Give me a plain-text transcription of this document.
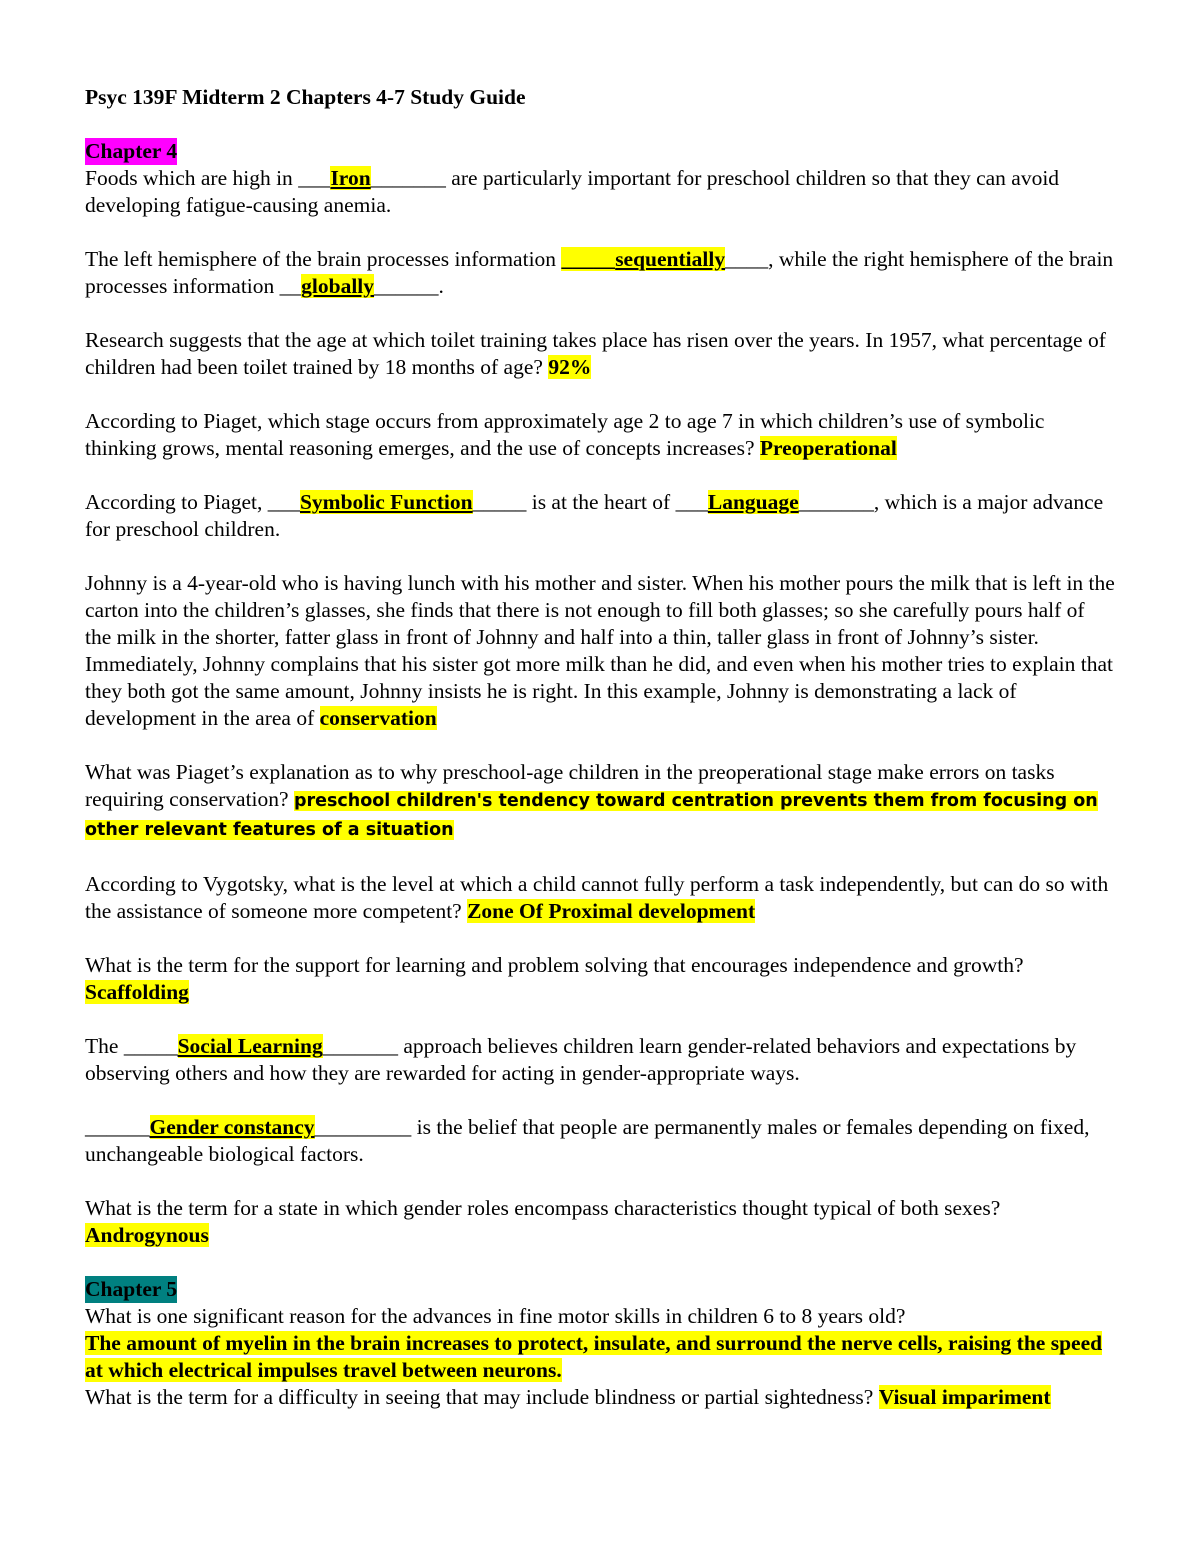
Psyc 139F Midterm 2 Chapters 4-7 Study Guide

Chapter 4

Foods which are high in ___Iron_______ are particularly important for preschool children so that they can avoid developing fatigue-causing anemia.

The left hemisphere of the brain processes information _____sequentially____, while the right hemisphere of the brain processes information __globally______.

Research suggests that the age at which toilet training takes place has risen over the years. In 1957, what percentage of children had been toilet trained by 18 months of age? 92%

According to Piaget, which stage occurs from approximately age 2 to age 7 in which children’s use of symbolic thinking grows, mental reasoning emerges, and the use of concepts increases? Preoperational

According to Piaget, ___Symbolic Function_____ is at the heart of ___Language_______, which is a major advance for preschool children.

Johnny is a 4-year-old who is having lunch with his mother and sister. When his mother pours the milk that is left in the carton into the children’s glasses, she finds that there is not enough to fill both glasses; so she carefully pours half of the milk in the shorter, fatter glass in front of Johnny and half into a thin, taller glass in front of Johnny’s sister. Immediately, Johnny complains that his sister got more milk than he did, and even when his mother tries to explain that they both got the same amount, Johnny insists he is right. In this example, Johnny is demonstrating a lack of development in the area of conservation

What was Piaget’s explanation as to why preschool-age children in the preoperational stage make errors on tasks requiring conservation? preschool children's tendency toward centration prevents them from focusing on other relevant features of a situation

According to Vygotsky, what is the level at which a child cannot fully perform a task independently, but can do so with the assistance of someone more competent? Zone Of Proximal development

What is the term for the support for learning and problem solving that encourages independence and growth? Scaffolding

The _____Social Learning_______ approach believes children learn gender-related behaviors and expectations by observing others and how they are rewarded for acting in gender-appropriate ways.

______Gender constancy_________ is the belief that people are permanently males or females depending on fixed, unchangeable biological factors.

What is the term for a state in which gender roles encompass characteristics thought typical of both sexes? Androgynous

Chapter 5

What is one significant reason for the advances in fine motor skills in children 6 to 8 years old?
The amount of myelin in the brain increases to protect, insulate, and surround the nerve cells, raising the speed at which electrical impulses travel between neurons.

What is the term for a difficulty in seeing that may include blindness or partial sightedness? Visual impariment
